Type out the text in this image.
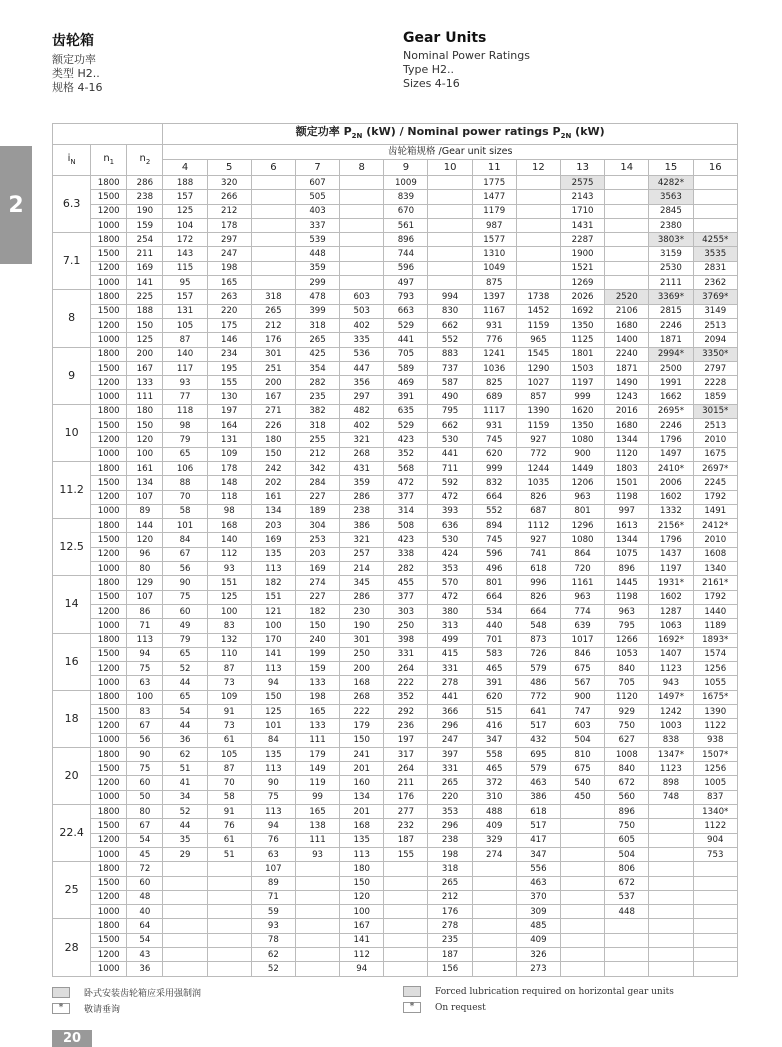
齿轮箱
额定功率
类型 H2..
规格 4-16
Gear Units
Nominal Power Ratings
Type H2..
Sizes 4-16
2
			额定功率 $P_{2N}$ (kW) / Nominal power ratings $P_{2N}$ (kW)												
$i_N$	$n_1$	$n_2$	齿轮箱规格 /Gear unit sizes												
			4	5	6	7	8	9	10	11	12	13	14	15	16
6.3	1800	286	188	320		607		1009		1775		2575		4282*	
	1500	238	157	266		505		839		1477		2143		3563	
	1200	190	125	212		403		670		1179		1710		2845	
	1000	159	104	178		337		561		987		1431		2380	
7.1	1800	254	172	297		539		896		1577		2287		3803*	4255*
	1500	211	143	247		448		744		1310		1900		3159	3535
	1200	169	115	198		359		596		1049		1521		2530	2831
	1000	141	95	165		299		497		875		1269		2111	2362
8	1800	225	157	263	318	478	603	793	994	1397	1738	2026	2520	3369*	3769*
	1500	188	131	220	265	399	503	663	830	1167	1452	1692	2106	2815	3149
	1200	150	105	175	212	318	402	529	662	931	1159	1350	1680	2246	2513
	1000	125	87	146	176	265	335	441	552	776	965	1125	1400	1871	2094
9	1800	200	140	234	301	425	536	705	883	1241	1545	1801	2240	2994*	3350*
	1500	167	117	195	251	354	447	589	737	1036	1290	1503	1871	2500	2797
	1200	133	93	155	200	282	356	469	587	825	1027	1197	1490	1991	2228
	1000	111	77	130	167	235	297	391	490	689	857	999	1243	1662	1859
10	1800	180	118	197	271	382	482	635	795	1117	1390	1620	2016	2695*	3015*
	1500	150	98	164	226	318	402	529	662	931	1159	1350	1680	2246	2513
	1200	120	79	131	180	255	321	423	530	745	927	1080	1344	1796	2010
	1000	100	65	109	150	212	268	352	441	620	772	900	1120	1497	1675
11.2	1800	161	106	178	242	342	431	568	711	999	1244	1449	1803	2410*	2697*
	1500	134	88	148	202	284	359	472	592	832	1035	1206	1501	2006	2245
	1200	107	70	118	161	227	286	377	472	664	826	963	1198	1602	1792
	1000	89	58	98	134	189	238	314	393	552	687	801	997	1332	1491
12.5	1800	144	101	168	203	304	386	508	636	894	1112	1296	1613	2156*	2412*
	1500	120	84	140	169	253	321	423	530	745	927	1080	1344	1796	2010
	1200	96	67	112	135	203	257	338	424	596	741	864	1075	1437	1608
	1000	80	56	93	113	169	214	282	353	496	618	720	896	1197	1340
14	1800	129	90	151	182	274	345	455	570	801	996	1161	1445	1931*	2161*
	1500	107	75	125	151	227	286	377	472	664	826	963	1198	1602	1792
	1200	86	60	100	121	182	230	303	380	534	664	774	963	1287	1440
	1000	71	49	83	100	150	190	250	313	440	548	639	795	1063	1189
16	1800	113	79	132	170	240	301	398	499	701	873	1017	1266	1692*	1893*
	1500	94	65	110	141	199	250	331	415	583	726	846	1053	1407	1574
	1200	75	52	87	113	159	200	264	331	465	579	675	840	1123	1256
	1000	63	44	73	94	133	168	222	278	391	486	567	705	943	1055
18	1800	100	65	109	150	198	268	352	441	620	772	900	1120	1497*	1675*
	1500	83	54	91	125	165	222	292	366	515	641	747	929	1242	1390
	1200	67	44	73	101	133	179	236	296	416	517	603	750	1003	1122
	1000	56	36	61	84	111	150	197	247	347	432	504	627	838	938
20	1800	90	62	105	135	179	241	317	397	558	695	810	1008	1347*	1507*
	1500	75	51	87	113	149	201	264	331	465	579	675	840	1123	1256
	1200	60	41	70	90	119	160	211	265	372	463	540	672	898	1005
	1000	50	34	58	75	99	134	176	220	310	386	450	560	748	837
22.4	1800	80	52	91	113	165	201	277	353	488	618		896		1340*
	1500	67	44	76	94	138	168	232	296	409	517		750		1122
	1200	54	35	61	76	111	135	187	238	329	417		605		904
	1000	45	29	51	63	93	113	155	198	274	347		504		753
25	1800	72			107		180		318		556		806		
	1500	60			89		150		265		463		672		
	1200	48			71		120		212		370		537		
	1000	40			59		100		176		309		448		
28	1800	64			93		167		278		485				
	1500	54			78		141		235		409				
	1200	43			62		112		187		326				
	1000	36			52		94		156		273				
卧式安装齿轮箱应采用强制润
*	敬请垂询
Forced lubrication required on horizontal gear units
*	On request
20
